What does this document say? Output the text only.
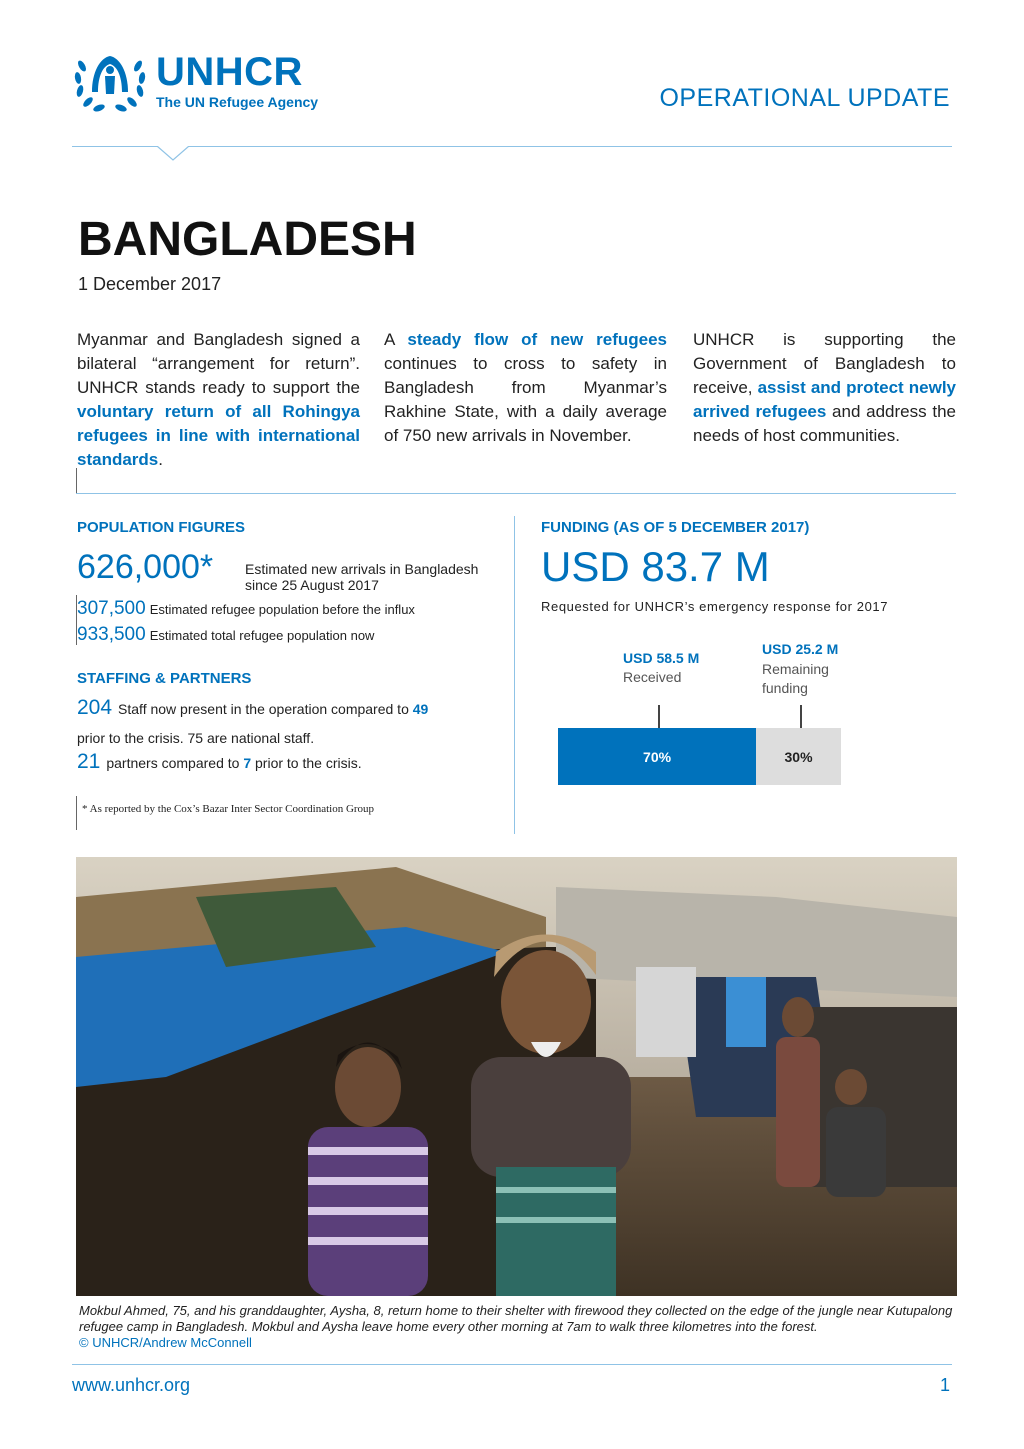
UNHCR
The UN Refugee Agency	OPERATIONAL UPDATE
BANGLADESH
1 December 2017

Myanmar and Bangladesh signed a bilateral “arrangement for return”. UNHCR stands ready to support the voluntary return of all Rohingya refugees in line with international standards.

A steady flow of new refugees continues to cross to safety in Bangladesh from Myanmar’s Rakhine State, with a daily average of 750 new arrivals in November.

UNHCR is supporting the Government of Bangladesh to receive, assist and protect newly arrived refugees and address the needs of host communities.

POPULATION FIGURES
626,000* Estimated new arrivals in Bangladesh since 25 August 2017
307,500 Estimated refugee population before the influx
933,500 Estimated total refugee population now
STAFFING & PARTNERS
204 Staff now present in the operation compared to 49
prior to the crisis. 75 are national staff.
21 partners compared to 7 prior to the crisis.
* As reported by the Cox’s Bazar Inter Sector Coordination Group
FUNDING (AS OF 5 DECEMBER 2017)
USD 83.7 M
Requested for UNHCR’s emergency response for 2017
USD 58.5 M
Received
USD 25.2 M
Remaining funding
70%	30%

Mokbul Ahmed, 75, and his granddaughter, Aysha, 8, return home to their shelter with firewood they collected on the edge of the jungle near Kutupalong refugee camp in Bangladesh. Mokbul and Aysha leave home every other morning at 7am to walk three kilometres into the forest.

© UNHCR/Andrew McConnell
www.unhcr.org	1
